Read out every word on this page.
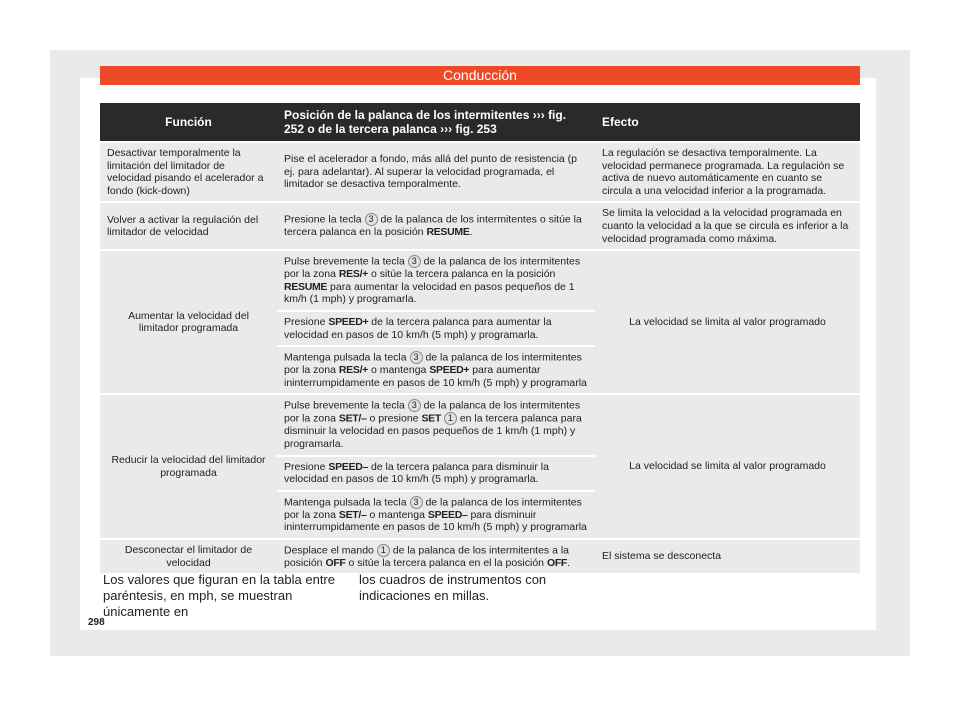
Conducción
Función	Posición de la palanca de los intermitentes ››› fig. 252 o de la tercera palanca ››› fig. 253	Efecto
Desactivar temporalmente la limitación del limitador de velocidad pisando el acelerador a fondo (kick-down)	Pise el acelerador a fondo, más allá del punto de resistencia (p ej. para adelantar). Al superar la velocidad programada, el limitador se desactiva temporalmente.	La regulación se desactiva temporalmente. La velocidad permanece programada. La regulación se activa de nuevo automáticamente en cuanto se circula a una velocidad inferior a la programada.
Volver a activar la regulación del limitador de velocidad	Presione la tecla 3 de la palanca de los intermitentes o sitúe la tercera palanca en la posición RESUME.	Se limita la velocidad a la velocidad programada en cuanto la velocidad a la que se circula es inferior a la velocidad programada como máxima.
Aumentar la velocidad del limitador programada	Pulse brevemente la tecla 3 de la palanca de los intermitentes por la zona RES/+ o sitúe la tercera palanca en la posición RESUME para aumentar la velocidad en pasos pequeños de 1 km/h (1 mph) y programarla.	La velocidad se limita al valor programado
	Presione SPEED+ de la tercera palanca para aumentar la velocidad en pasos de 10 km/h (5 mph) y programarla.	
	Mantenga pulsada la tecla 3 de la palanca de los intermitentes por la zona RES/+ o mantenga SPEED+ para aumentar ininterrumpidamente en pasos de 10 km/h (5 mph) y programarla	
Reducir la velocidad del limitador programada	Pulse brevemente la tecla 3 de la palanca de los intermitentes por la zona SET/– o presione SET 1 en la tercera palanca para disminuir la velocidad en pasos pequeños de 1 km/h (1 mph) y programarla.	La velocidad se limita al valor programado
	Presione SPEED– de la tercera palanca para disminuir la velocidad en pasos de 10 km/h (5 mph) y programarla.	
	Mantenga pulsada la tecla 3 de la palanca de los intermitentes por la zona SET/– o mantenga SPEED– para disminuir ininterrumpidamente en pasos de 10 km/h (5 mph) y programarla	
Desconectar el limitador de velocidad	Desplace el mando 1 de la palanca de los intermitentes a la posición OFF o sitúe la tercera palanca en el la posición OFF.	El sistema se desconecta
Los valores que figuran en la tabla entre paréntesis, en mph, se muestran únicamente en
los cuadros de instrumentos con indicaciones en millas.
298
